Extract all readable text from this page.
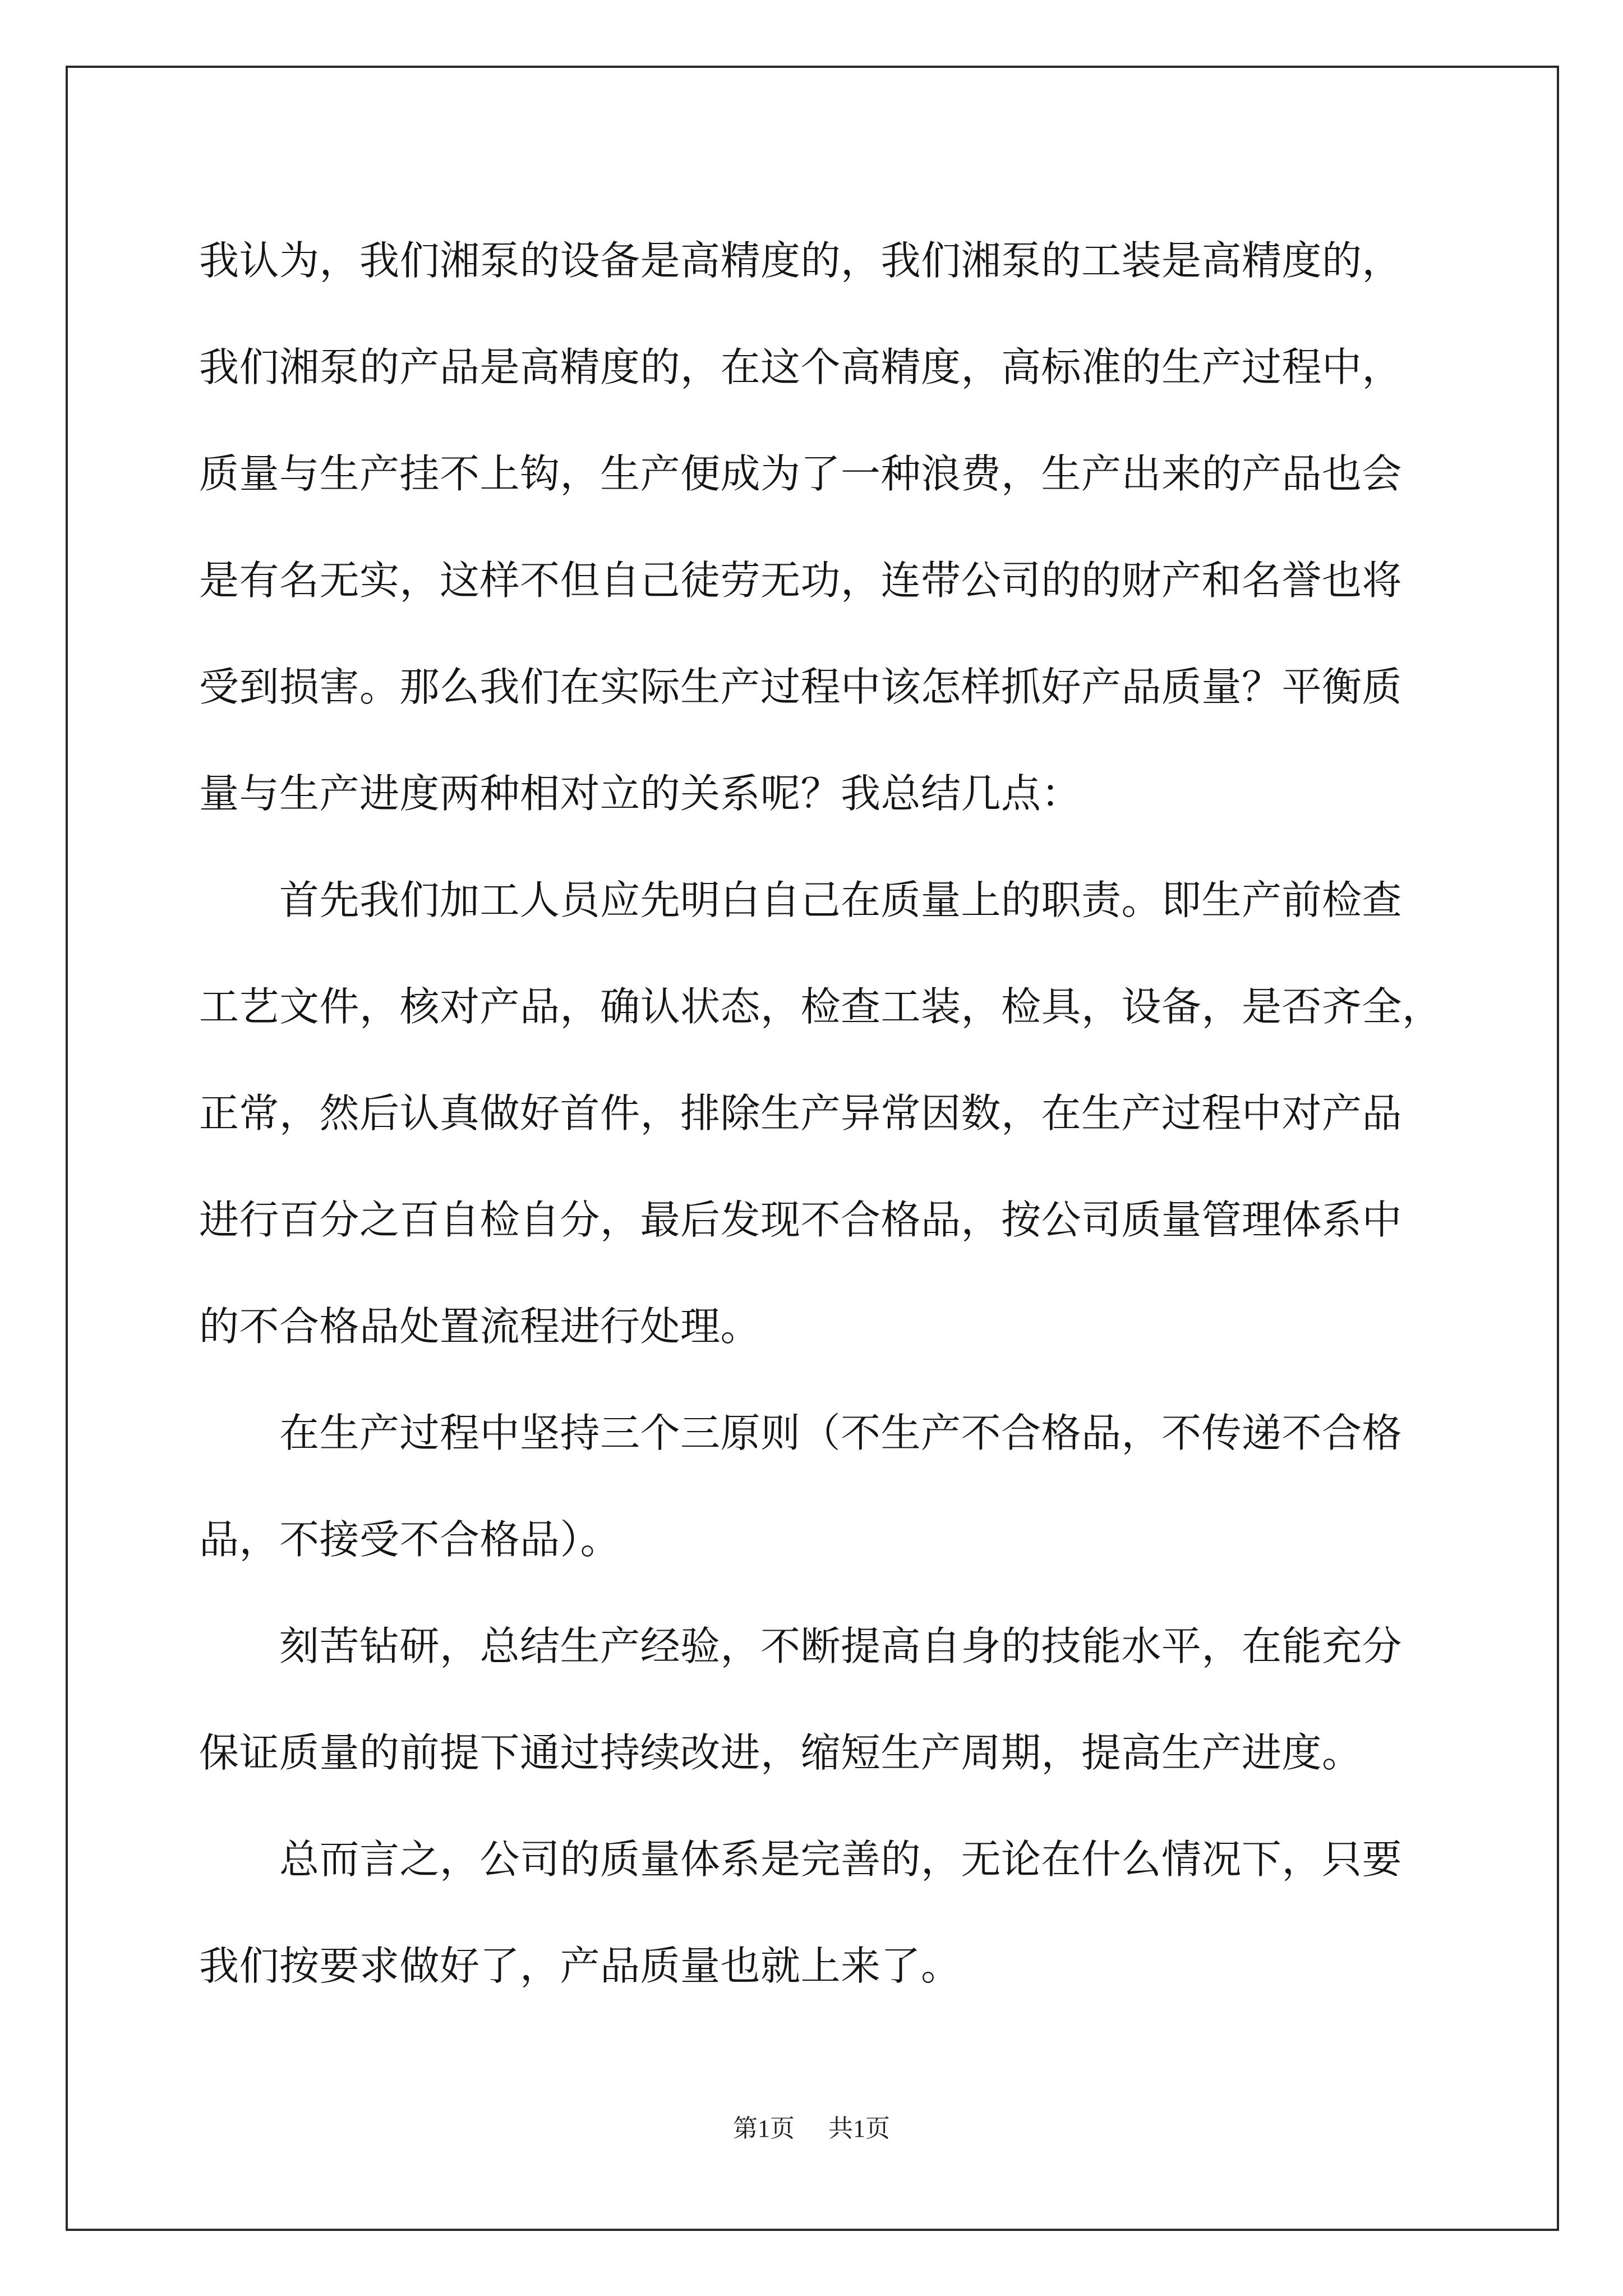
我认为，我们湘泵的设备是高精度的，我们湘泵的工装是高精度的，
我们湘泵的产品是高精度的，在这个高精度，高标准的生产过程中，
质量与生产挂不上钩，生产便成为了一种浪费，生产出来的产品也会
是有名无实，这样不但自己徒劳无功，连带公司的的财产和名誉也将
受到损害。那么我们在实际生产过程中该怎样抓好产品质量？平衡质
量与生产进度两种相对立的关系呢？我总结几点：
　　首先我们加工人员应先明白自己在质量上的职责。即生产前检查
工艺文件，核对产品，确认状态，检查工装，检具，设备，是否齐全，
正常，然后认真做好首件，排除生产异常因数，在生产过程中对产品
进行百分之百自检自分，最后发现不合格品，按公司质量管理体系中
的不合格品处置流程进行处理。
　　在生产过程中坚持三个三原则（不生产不合格品，不传递不合格
品，不接受不合格品）。
　　刻苦钻研，总结生产经验，不断提高自身的技能水平，在能充分
保证质量的前提下通过持续改进，缩短生产周期，提高生产进度。
　　总而言之，公司的质量体系是完善的，无论在什么情况下，只要
我们按要求做好了，产品质量也就上来了。
第1页 共1页
